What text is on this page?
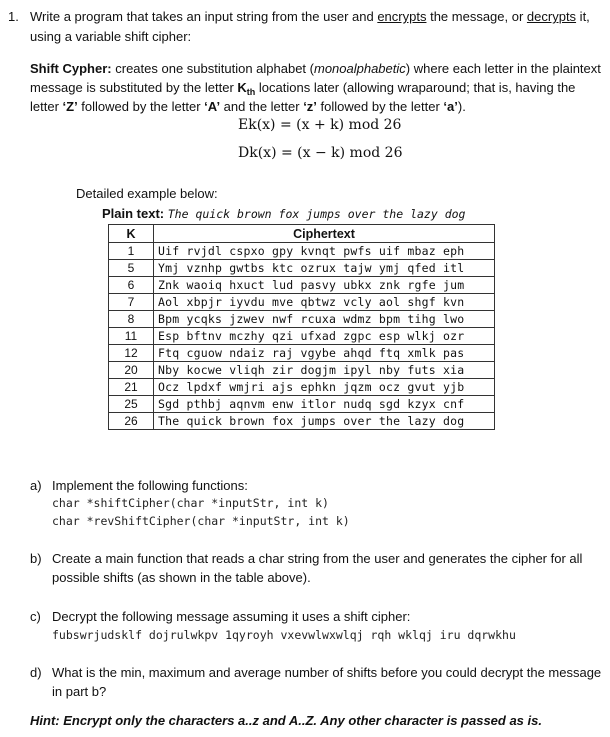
1. Write a program that takes an input string from the user and encrypts the message, or decrypts it,
using a variable shift cipher:
Shift Cypher: creates one substitution alphabet (monoalphabetic) where each letter in the plaintext
message is substituted by the letter $K_{th}$ locations later (allowing wraparound; that is, having the
letter ‘Z’ followed by the letter ‘A’ and the letter ‘z’ followed by the letter ‘a’).
Ek(x) = (x + k) mod 26
Dk(x) = (x − k) mod 26
Detailed example below:
Plain text: The quick brown fox jumps over the lazy dog
K	Ciphertext
1	Uif rvjdl cspxo gpy kvnqt pwfs uif mbaz eph
5	Ymj vznhp gwtbs ktc ozrux tajw ymj qfed itl
6	Znk waoiq hxuct lud pasvy ubkx znk rgfe jum
7	Aol xbpjr iyvdu mve qbtwz vcly aol shgf kvn
8	Bpm ycqks jzwev nwf rcuxa wdmz bpm tihg lwo
11	Esp bftnv mczhy qzi ufxad zgpc esp wlkj ozr
12	Ftq cguow ndaiz raj vgybe ahqd ftq xmlk pas
20	Nby kocwe vliqh zir dogjm ipyl nby futs xia
21	Ocz lpdxf wmjri ajs ephkn jqzm ocz gvut yjb
25	Sgd pthbj aqnvm enw itlor nudq sgd kzyx cnf
26	The quick brown fox jumps over the lazy dog
a) Implement the following functions:
char *shiftCipher(char *inputStr, int k)
char *revShiftCipher(char *inputStr, int k)
b) Create a main function that reads a char string from the user and generates the cipher for all
possible shifts (as shown in the table above).
c) Decrypt the following message assuming it uses a shift cipher:
fubswrjudsklf dojrulwkpv 1qyroyh vxevwlwxwlqj rqh wklqj iru dqrwkhu
d) What is the min, maximum and average number of shifts before you could decrypt the message
in part b?
Hint: Encrypt only the characters a..z and A..Z. Any other character is passed as is.
